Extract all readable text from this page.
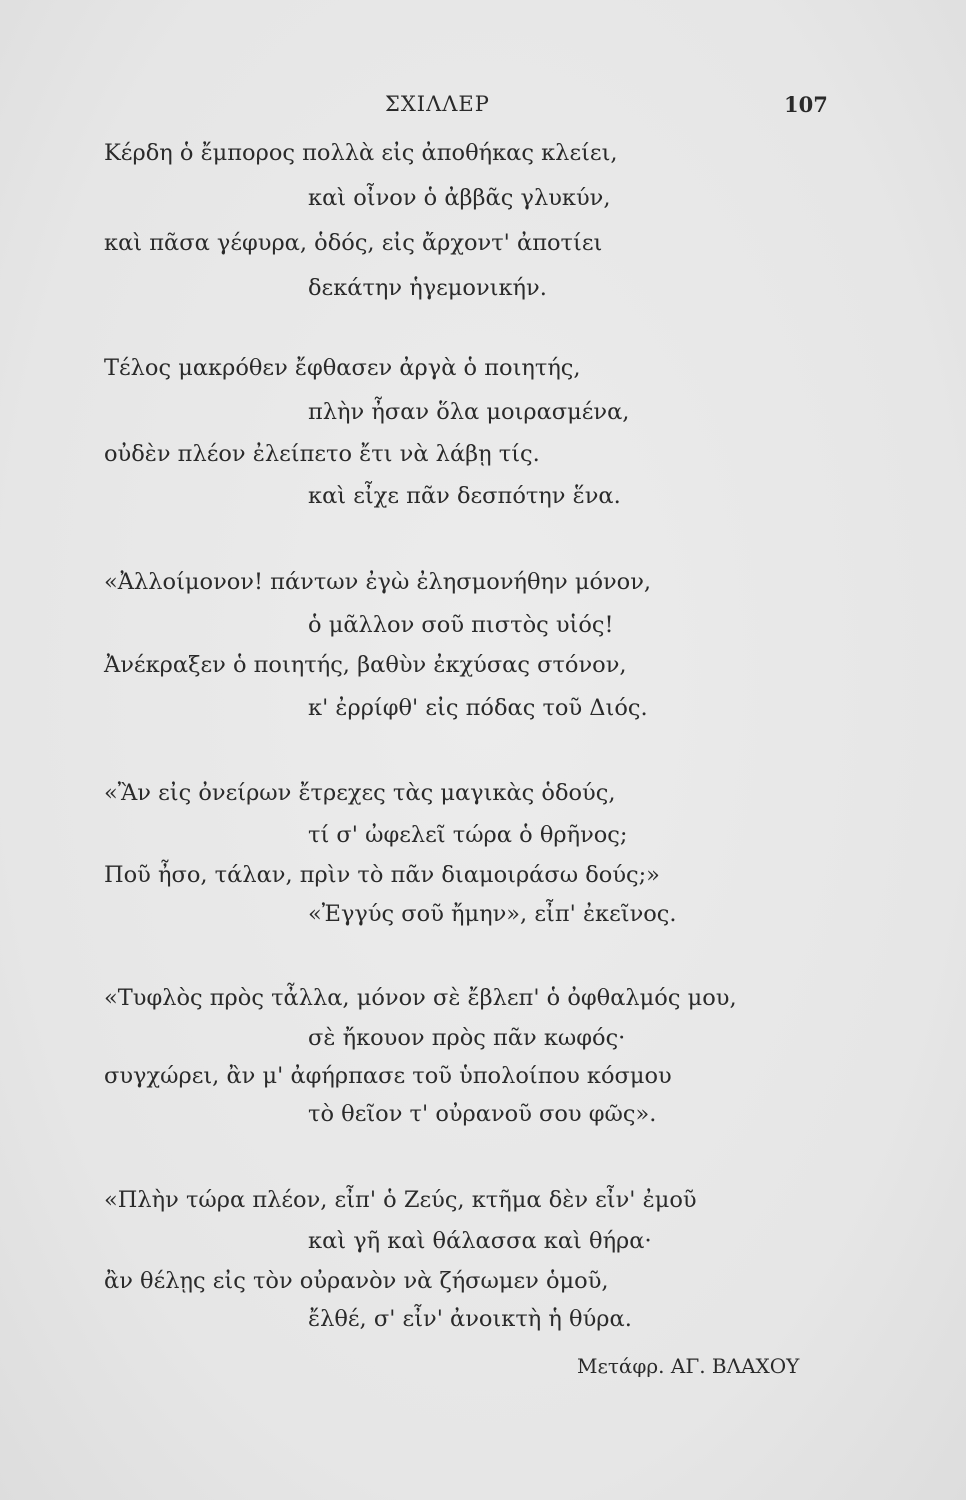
ΣΧΙΛΛΕΡ	107
Κέρδη ὁ ἔμπορος πολλὰ εἰς ἀποθήκας κλείει,
καὶ οἶνον ὁ ἀββᾶς γλυκύν,
καὶ πᾶσα γέφυρα, ὁδός, εἰς ἄρχοντ' ἀποτίει
δεκάτην ἡγεμονικήν.
Τέλος μακρόθεν ἔφθασεν ἀργὰ ὁ ποιητής,
πλὴν ἦσαν ὅλα μοιρασμένα,
οὐδὲν πλέον ἐλείπετο ἔτι νὰ λάβῃ τίς.
καὶ εἶχε πᾶν δεσπότην ἕνα.
«Ἀλλοίμονον! πάντων ἐγὼ ἐλησμονήθην μόνον,
ὁ μᾶλλον σοῦ πιστὸς υἱός!
Ἀνέκραξεν ὁ ποιητής, βαθὺν ἐκχύσας στόνον,
κ' ἐρρίφθ' εἰς πόδας τοῦ Διός.
«Ἂν εἰς ὀνείρων ἔτρεχες τὰς μαγικὰς ὁδούς,
τί σ' ὠφελεῖ τώρα ὁ θρῆνος;
Ποῦ ἦσο, τάλαν, πρὶν τὸ πᾶν διαμοιράσω δούς;»
«Ἐγγύς σοῦ ἤμην», εἶπ' ἐκεῖνος.
«Τυφλὸς πρὸς τἆλλα, μόνον σὲ ἔβλεπ' ὁ ὀφθαλμός μου,
σὲ ἤκουον πρὸς πᾶν κωφός·
συγχώρει, ἂν μ' ἀφήρπασε τοῦ ὑπολοίπου κόσμου
τὸ θεῖον τ' οὐρανοῦ σου φῶς».
«Πλὴν τώρα πλέον, εἶπ' ὁ Ζεύς, κτῆμα δὲν εἶν' ἐμοῦ
καὶ γῆ καὶ θάλασσα καὶ θήρα·
ἂν θέλῃς εἰς τὸν οὐρανὸν νὰ ζήσωμεν ὁμοῦ,
ἔλθέ, σ' εἶν' ἀνοικτὴ ἡ θύρα.
Μετάφρ. ΑΓ. ΒΛΑΧΟΥ
